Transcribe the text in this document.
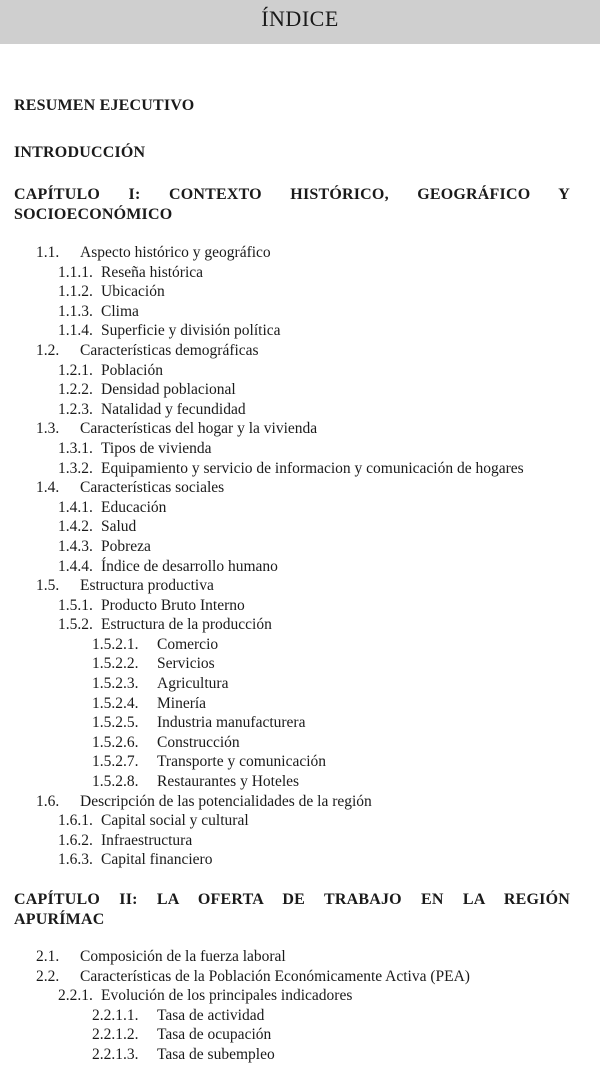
ÍNDICE
RESUMEN EJECUTIVO
INTRODUCCIÓN
CAPÍTULO I: CONTEXTO HISTÓRICO, GEOGRÁFICO Y
SOCIOECONÓMICO
1.1. Aspecto histórico y geográfico
1.1.1. Reseña histórica
1.1.2. Ubicación
1.1.3. Clima
1.1.4. Superficie y división política
1.2. Características demográficas
1.2.1. Población
1.2.2. Densidad poblacional
1.2.3. Natalidad y fecundidad
1.3. Características del hogar y la vivienda
1.3.1. Tipos de vivienda
1.3.2. Equipamiento y servicio de informacion y comunicación de hogares
1.4. Características sociales
1.4.1. Educación
1.4.2. Salud
1.4.3. Pobreza
1.4.4. Índice de desarrollo humano
1.5. Estructura productiva
1.5.1. Producto Bruto Interno
1.5.2. Estructura de la producción
1.5.2.1. Comercio
1.5.2.2. Servicios
1.5.2.3. Agricultura
1.5.2.4. Minería
1.5.2.5. Industria manufacturera
1.5.2.6. Construcción
1.5.2.7. Transporte y comunicación
1.5.2.8. Restaurantes y Hoteles
1.6. Descripción de las potencialidades de la región
1.6.1. Capital social y cultural
1.6.2. Infraestructura
1.6.3. Capital financiero
CAPÍTULO II: LA OFERTA DE TRABAJO EN LA REGIÓN
APURÍMAC
2.1. Composición de la fuerza laboral
2.2. Características de la Población Económicamente Activa (PEA)
2.2.1. Evolución de los principales indicadores
2.2.1.1. Tasa de actividad
2.2.1.2. Tasa de ocupación
2.2.1.3. Tasa de subempleo
